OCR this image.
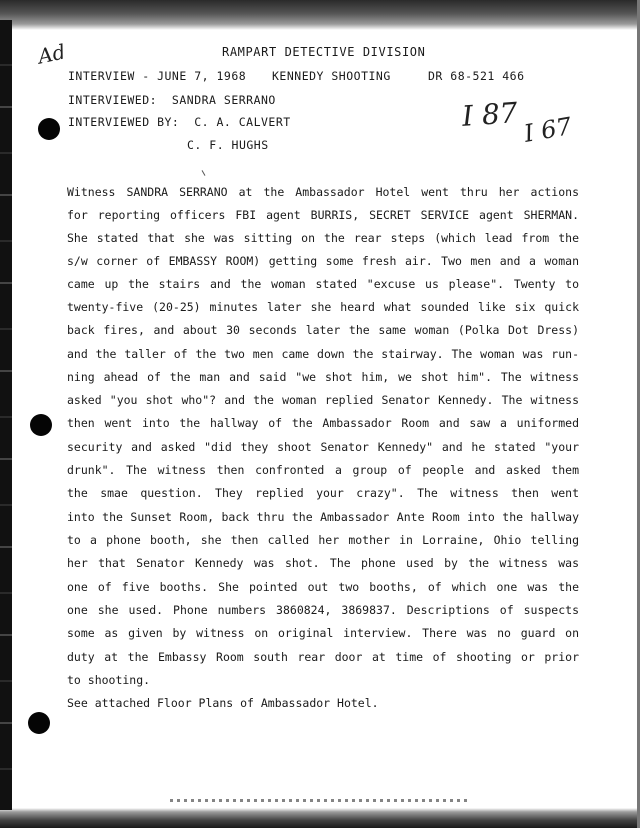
Ad
I 87 I 67
RAMPART DETECTIVE DIVISION
INTERVIEW - JUNE 7, 1968 KENNEDY SHOOTING	DR 68-521 466
INTERVIEWED:  SANDRA SERRANO
INTERVIEWED BY:  C. A. CALVERT
C. F. HUGHS
Witness SANDRA SERRANO at the Ambassador Hotel went thru her actions
for reporting officers FBI agent BURRIS, SECRET SERVICE agent SHERMAN.
She stated that she was sitting on the rear steps (which lead from the
s/w corner of EMBASSY ROOM) getting some fresh air. Two men and a woman
came up the stairs and the woman stated "excuse us please". Twenty to
twenty-five (20-25) minutes later she heard what sounded like six quick
back fires, and about 30 seconds later the same woman (Polka Dot Dress)
and the taller of the two men came down the stairway. The woman was run-
ning ahead of the man and said "we shot him, we shot him". The witness
asked "you shot who"? and the woman replied Senator Kennedy. The witness
then went into the hallway of the Ambassador Room and saw a uniformed
security and asked "did they shoot Senator Kennedy" and he stated "your
drunk". The witness then confronted a group of people and asked them
the smae question. They replied your crazy". The witness then went
into the Sunset Room, back thru the Ambassador Ante Room into the hallway
to a phone booth, she then called her mother in Lorraine, Ohio telling
her that Senator Kennedy was shot. The phone used by the witness was
one of five booths. She pointed out two booths, of which one was the
one she used. Phone numbers 3860824, 3869837. Descriptions of suspects
some as given by witness on original interview. There was no guard on
duty at the Embassy Room south rear door at time of shooting or prior
to shooting.
See attached Floor Plans of Ambassador Hotel.
